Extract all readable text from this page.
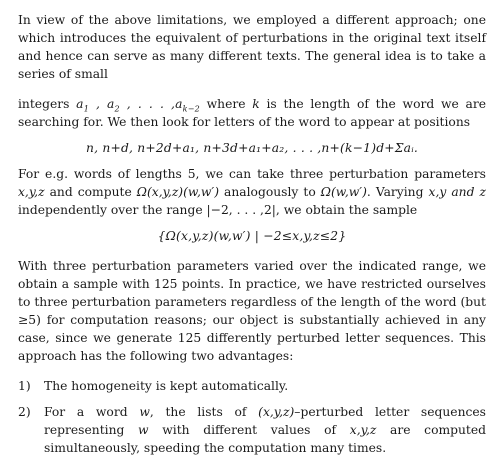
In view of the above limitations, we employed a different approach; one which introduces the equivalent of perturbations in the original text itself and hence can serve as many different texts. The general idea is to take a series of small

integers $a_1$ , $a_2$ , . . . $,a_{k-2}$ where k is the length of the word we are searching for. We then look for letters of the word to appear at positions

n, n+d, n+2d+a₁, n+3d+a₁+a₂, . . . ,n+(k−1)d+Σaᵢ.

For e.g. words of lengths 5, we can take three perturbation parameters x,y,z and compute Ω(x,y,z)(w,w′) analogously to Ω(w,w′). Varying x,y and z independently over the range |−2, . . . ,2|, we obtain the sample

{Ω(x,y,z)(w,w′) | −2≤x,y,z≤2}

With three perturbation parameters varied over the indicated range, we obtain a sample with 125 points. In practice, we have restricted ourselves to three perturbation parameters regardless of the length of the word (but ≥5) for computation reasons; our object is substantially achieved in any case, since we generate 125 differently perturbed letter sequences. This approach has the following two advantages:

1)	The homogeneity is kept automatically.
2)	For a word w, the lists of (x,y,z)–perturbed letter sequences representing w with different values of x,y,z are computed simultaneously, speeding the computation many times.
